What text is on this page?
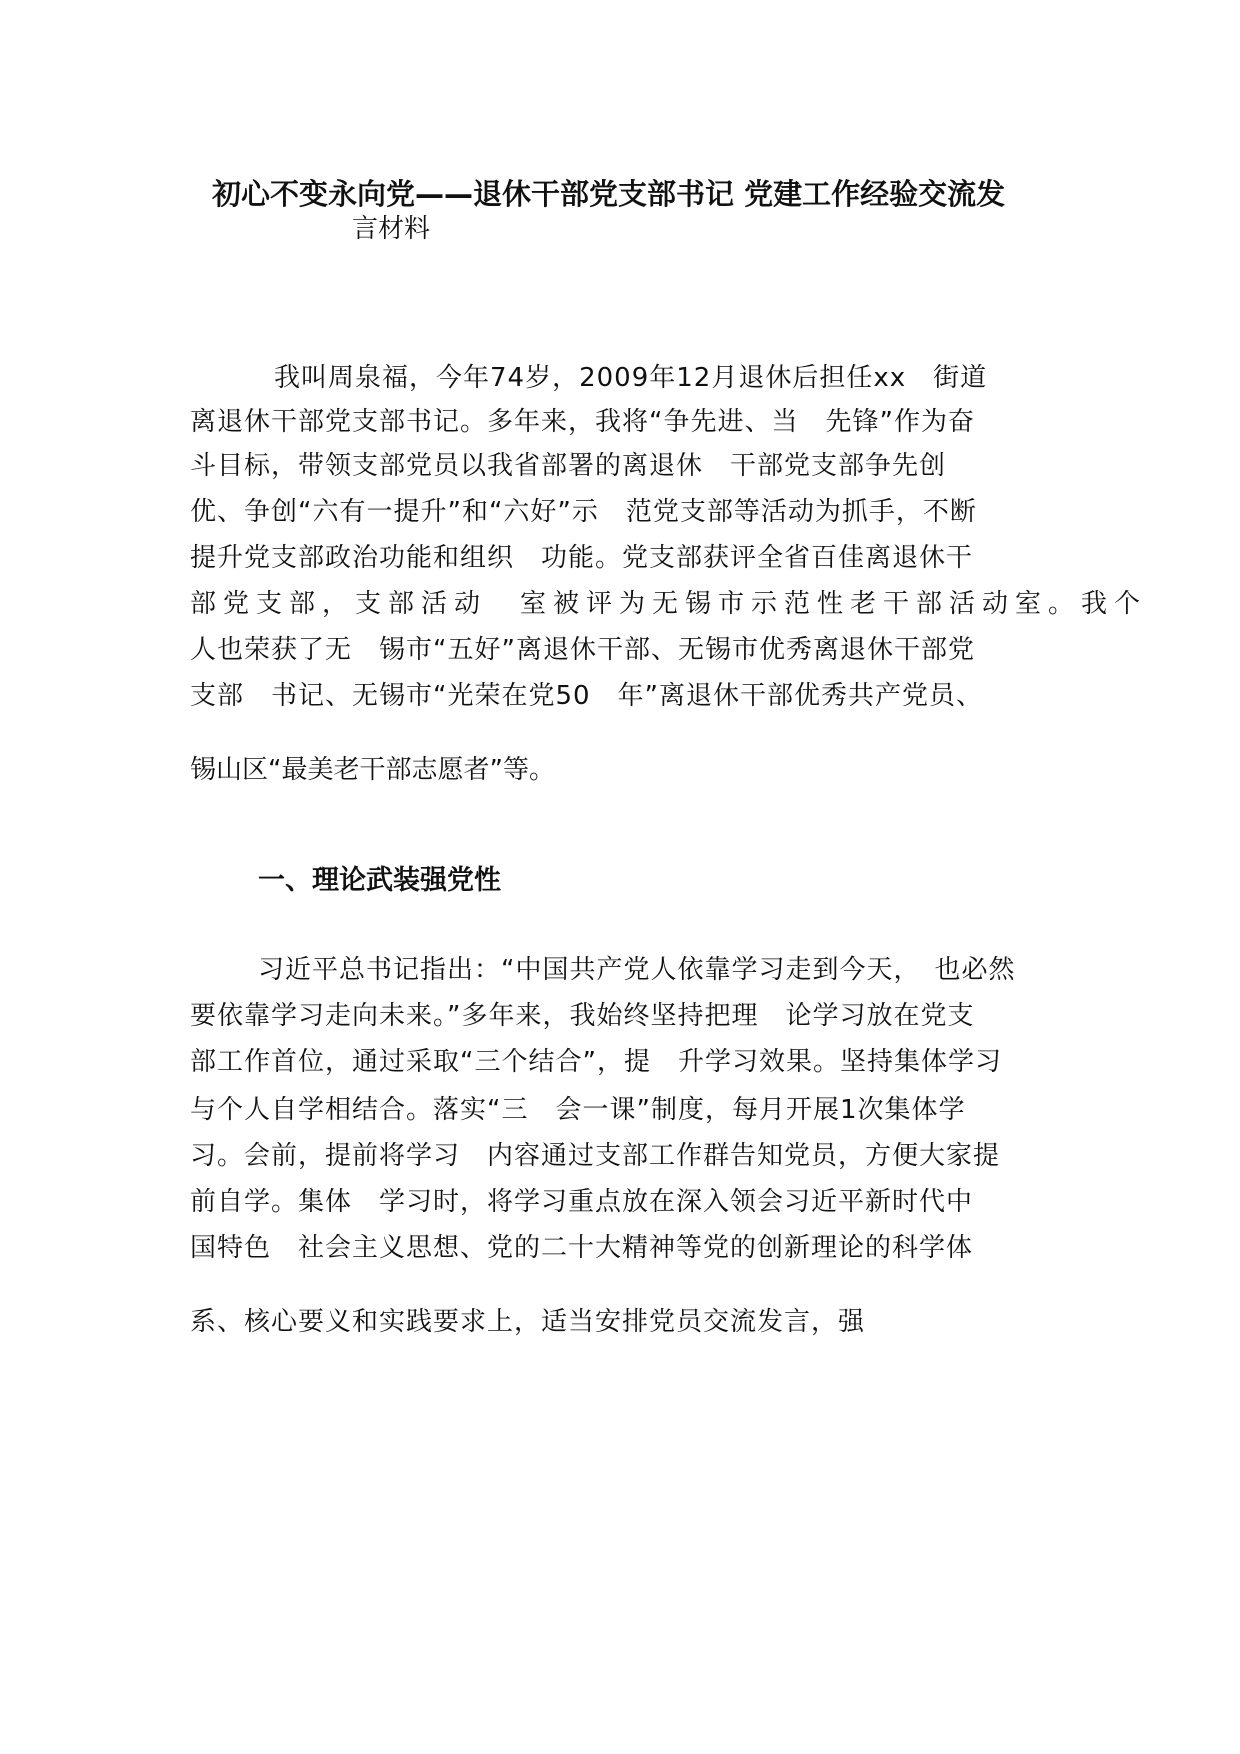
初心不变永向党——退休干部党支部书记 党建工作经验交流发
言材料
我叫周泉福，今年74岁，2009年12月退休后担任xx　街道
离退休干部党支部书记。多年来，我将“争先进、当　先锋”作为奋
斗目标，带领支部党员以我省部署的离退休　干部党支部争先创
优、争创“六有一提升”和“六好”示　范党支部等活动为抓手，不断
提升党支部政治功能和组织　功能。党支部获评全省百佳离退休干
部党支部，支部活动　室被评为无锡市示范性老干部活动室。我个
人也荣获了无　锡市“五好”离退休干部、无锡市优秀离退休干部党
支部　书记、无锡市“光荣在党50　年”离退休干部优秀共产党员、
锡山区“最美老干部志愿者”等。
一、理论武装强党性
习近平总书记指出：“中国共产党人依靠学习走到今天，　也必然
要依靠学习走向未来。”多年来，我始终坚持把理　论学习放在党支
部工作首位，通过采取“三个结合”，提　升学习效果。坚持集体学习
与个人自学相结合。落实“三　会一课”制度，每月开展1次集体学
习。会前，提前将学习　内容通过支部工作群告知党员，方便大家提
前自学。集体　学习时，将学习重点放在深入领会习近平新时代中
国特色　社会主义思想、党的二十大精神等党的创新理论的科学体
系、核心要义和实践要求上，适当安排党员交流发言，强
